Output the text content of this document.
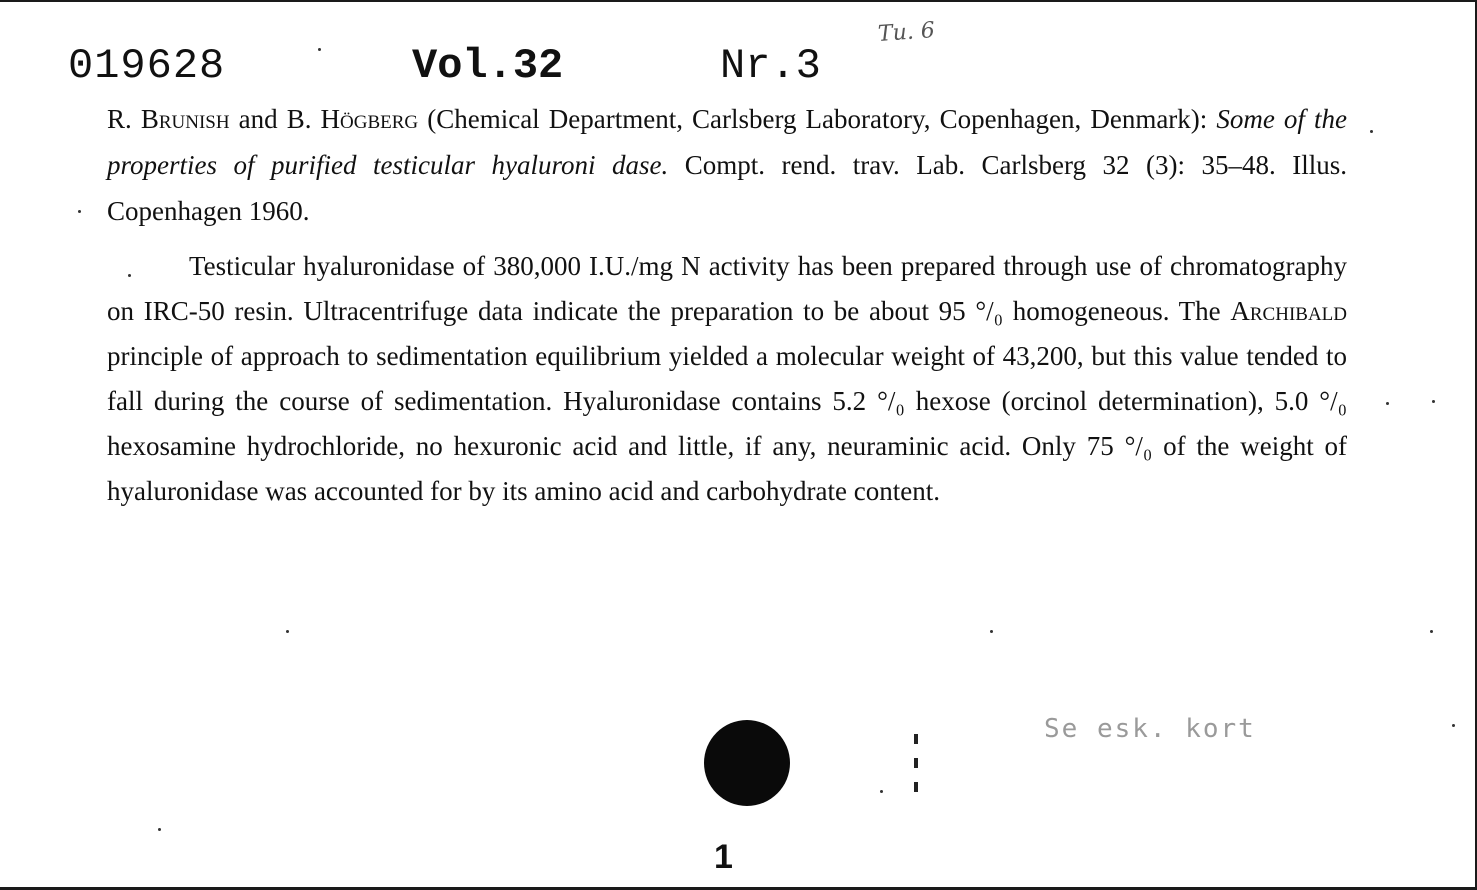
019628	Vol.32	Nr.3
Tu. 6
R. Brunish and B. Högberg (Chemical Department, Carlsberg Laboratory, Copenhagen, Denmark): Some of the properties of purified testicular hyaluroni dase. Compt. rend. trav. Lab. Carlsberg 32 (3): 35–48. Illus. Copenhagen 1960.
Testicular hyaluronidase of 380,000 I.U./mg N activity has been prepared through use of chromatography on IRC-50 resin. Ultracentrifuge data indicate the preparation to be about 95 °/₀ homogeneous. The Archibald principle of approach to sedimentation equilibrium yielded a molecular weight of 43,200, but this value tended to fall during the course of sedimentation. Hyaluronidase contains 5.2 °/₀ hexose (orcinol determination), 5.0 °/₀ hexosamine hydrochloride, no hexuronic acid and little, if any, neuraminic acid. Only 75 °/₀ of the weight of hyaluronidase was accounted for by its amino acid and carbohydrate content.
Se esk. kort
1
